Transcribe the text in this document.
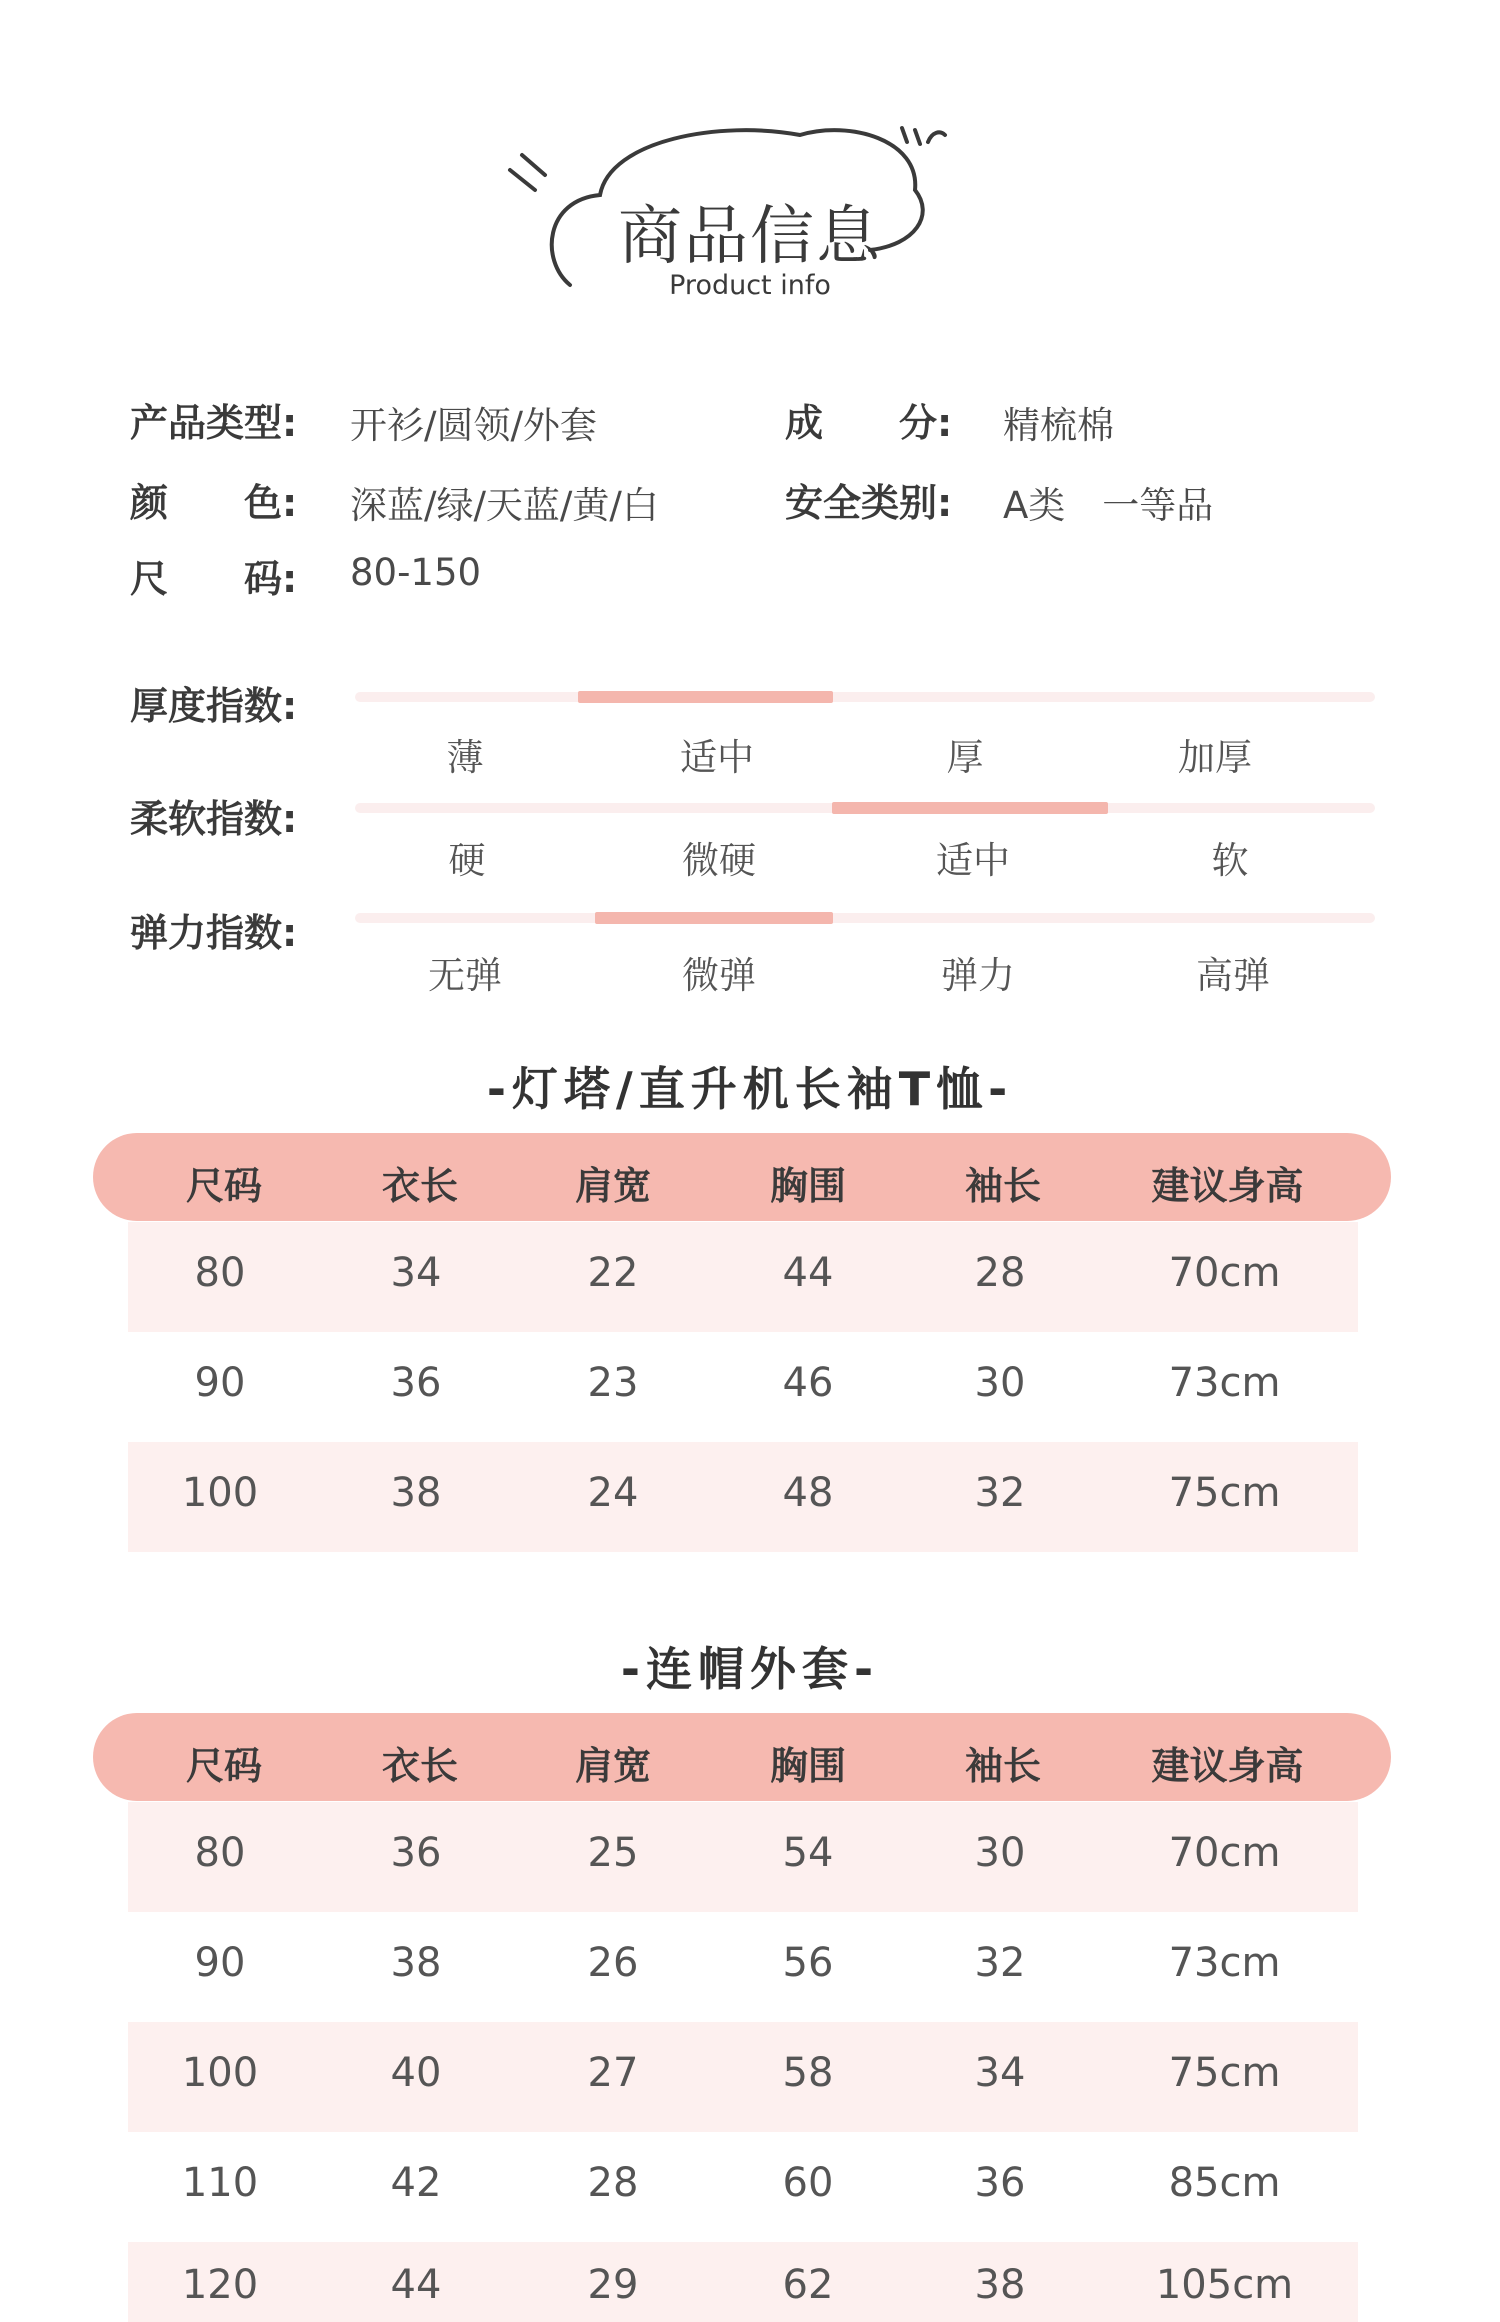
商品信息
Product info
产品类型: 开衫/圆领/外套	成　　分: 精梳棉
颜　　色: 深蓝/绿/天蓝/黄/白	安全类别: A类　一等品
尺　　码: 80-150
厚度指数:
薄	适中	厚	加厚
柔软指数:
硬	微硬	适中	软
弹力指数:
无弹	微弹	弹力	高弹
-灯塔/直升机长袖T恤-
尺码	衣长	肩宽	胸围	袖长	建议身高
80	34	22	44	28	70cm
90	36	23	46	30	73cm
100	38	24	48	32	75cm
-连帽外套-
尺码	衣长	肩宽	胸围	袖长	建议身高
80	36	25	54	30	70cm
90	38	26	56	32	73cm
100	40	27	58	34	75cm
110	42	28	60	36	85cm
120	44	29	62	38	105cm
